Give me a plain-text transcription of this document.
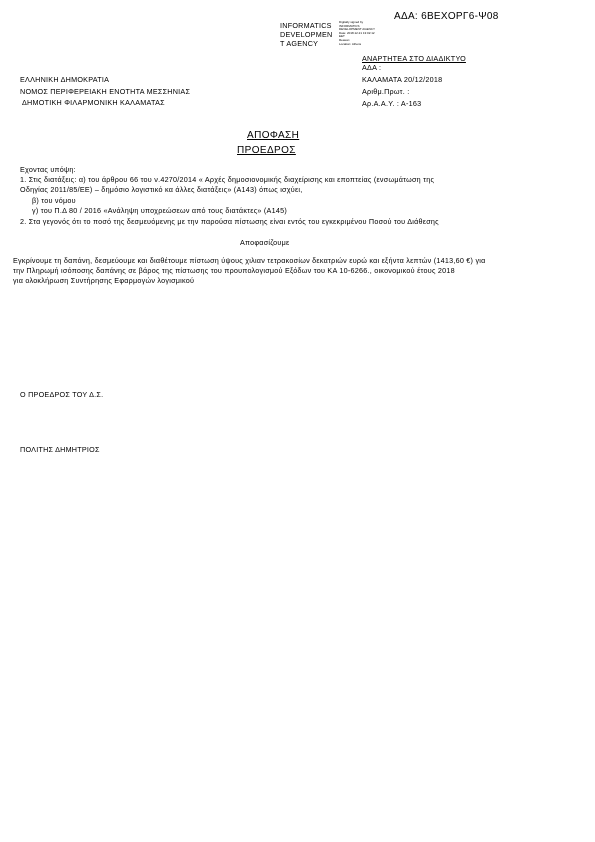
ΑΔΑ: 6ΒΕΧΟΡΓ6-Ψ08
INFORMATICS
DEVELOPMEN
T AGENCY
Digitally signed by
INFORMATICS
DEVELOPMENT AGENCY
Date: 2018.12.21 13:02:12
EET
Reason:
Location: Athens
ΑΝΑΡΤΗΤΕΑ ΣΤΟ ΔΙΑΔΙΚΤΥΟ
ΑΔΑ :
ΚΑΛΑΜΑΤΑ 20/12/2018
Αριθμ.Πρωτ. :
Αρ.Α.Α.Υ. : Α-163
ΕΛΛΗΝΙΚΗ ΔΗΜΟΚΡΑΤΙΑ
ΝΟΜΟΣ ΠΕΡΙΦΕΡΕΙΑΚΗ ΕΝΟΤΗΤΑ ΜΕΣΣΗΝΙΑΣ
ΔΗΜΟΤΙΚΗ ΦΙΛΑΡΜΟΝΙΚΗ ΚΑΛΑΜΑΤΑΣ
ΑΠΟΦΑΣΗ
ΠΡΟΕΔΡΟΣ
Εχοντας υπόψη:
1. Στις διατάξεις: α) του άρθρου 66 του ν.4270/2014 « Αρχές δημοσιονομικής διαχείρισης και εποπτείας (ενσωμάτωση της
Οδηγίας 2011/85/ΕΕ) – δημόσιο λογιστικό κα άλλες διατάξεις» (Α143) όπως ισχύει,
β) του νόμου
γ) του Π.Δ 80 / 2016 «Ανάληψη υποχρεώσεων από τους διατάκτες» (Α145)
2. Στα γεγονός ότι το ποσό της δεσμευόμενης με την παρούσα πίστωσης είναι εντός του εγκεκριμένου Ποσού του Διάθεσης
Αποφασίζουμε
Εγκρίνουμε τη δαπάνη, δεσμεύουμε και διαθέτουμε πίστωση ύψους χιλιαν τετρακοσίων δεκατριών ευρώ και εξήντα λεπτών (1413,60 €) για
την Πληρωμή ισόποσης δαπάνης σε βάρος της πίστωσης του προυπολογισμού Εξόδων του ΚΑ 10-6266., οικονομικού έτους 2018
για ολοκλήρωση Συντήρησης Εφαρμογών λογισμικού
Ο ΠΡΟΕΔΡΟΣ ΤΟΥ Δ.Σ.
ΠΟΛΙΤΗΣ ΔΗΜΗΤΡΙΟΣ
